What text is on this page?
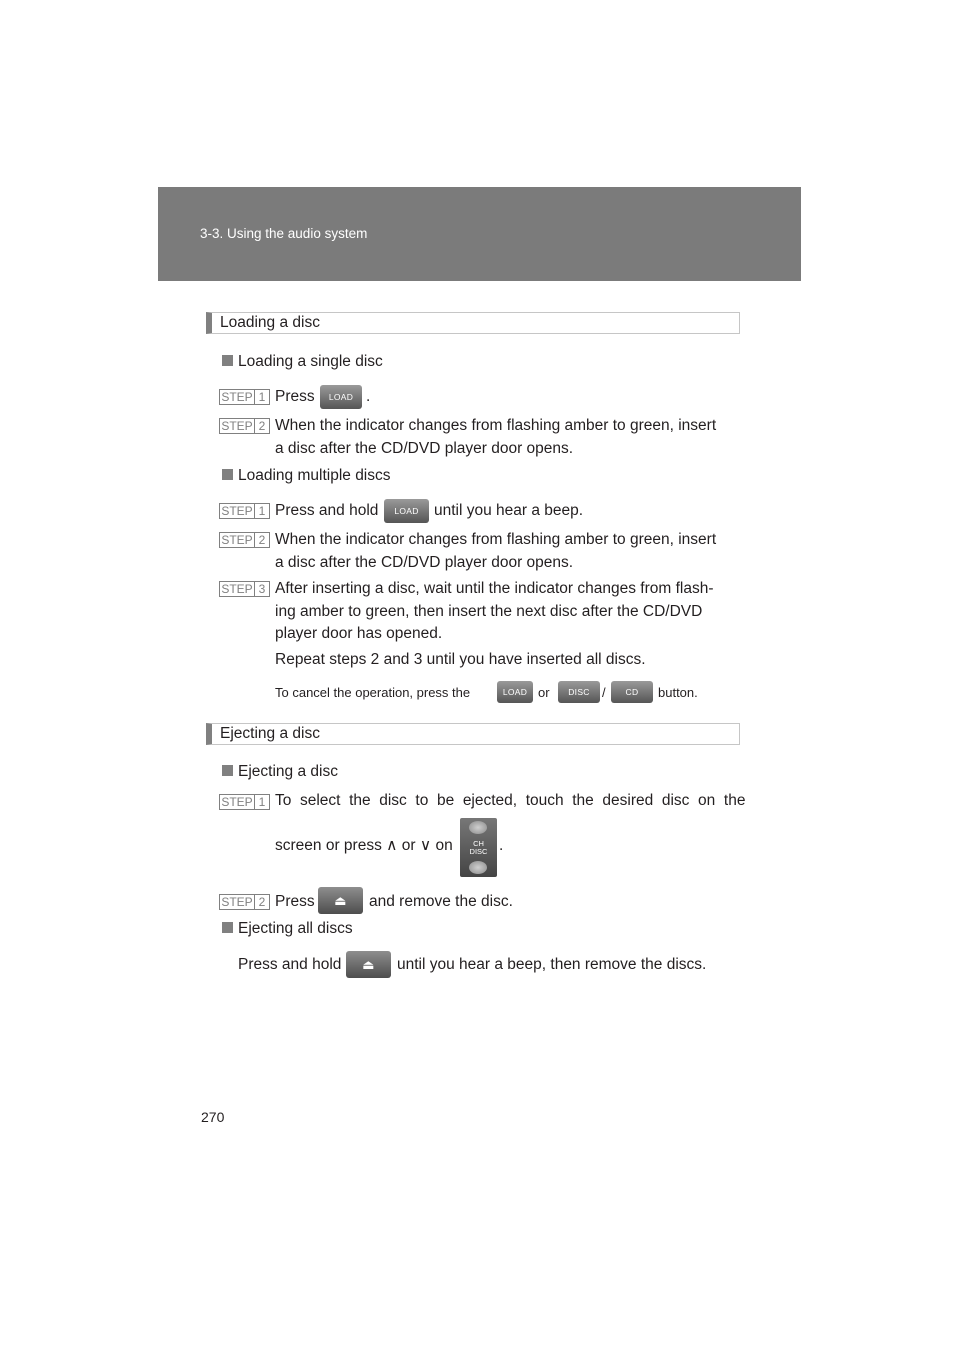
3-3. Using the audio system
Loading a disc
Loading a single disc
STEP 1 Press	LOAD .
STEP 2 When the indicator changes from flashing amber to green, insert
a disc after the CD/DVD player door opens.
Loading multiple discs
STEP 1 Press and hold	LOAD until you hear a beep.
STEP 2 When the indicator changes from flashing amber to green, insert
a disc after the CD/DVD player door opens.
STEP 3 After inserting a disc, wait until the indicator changes from flash-
ing amber to green, then insert the next disc after the CD/DVD
player door has opened.
Repeat steps 2 and 3 until you have inserted all discs.
To cancel the operation, press the	LOAD or	DISC /	CD	button.
Ejecting a disc
Ejecting a disc
STEP 1 To  select  the  disc  to  be  ejected,  touch  the  desired  disc  on  the
screen or press ∧ or ∨ on	CH
DISC .
STEP 2 Press	⏏	and remove the disc.
Ejecting all discs
Press and hold	⏏	until you hear a beep, then remove the discs.
270
